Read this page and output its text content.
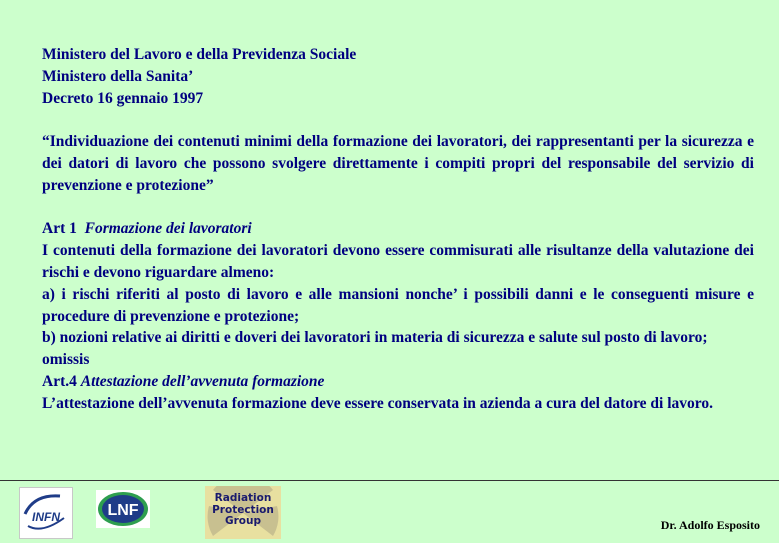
Ministero del Lavoro e della Previdenza Sociale

Ministero della Sanita’

Decreto 16 gennaio 1997

“Individuazione dei contenuti minimi della formazione dei lavoratori, dei rappresentanti per la sicurezza e dei datori di lavoro che possono svolgere direttamente i compiti propri del responsabile del servizio di prevenzione e protezione”

Art 1 Formazione dei lavoratori

I contenuti della formazione dei lavoratori devono essere commisurati alle risultanze della valutazione dei rischi e devono riguardare almeno:

a) i rischi riferiti al posto di lavoro e alle mansioni nonche’ i possibili danni e le conseguenti misure e procedure di prevenzione e protezione;

b) nozioni relative ai diritti e doveri dei lavoratori in materia di sicurezza e salute sul posto di lavoro;

omissis

Art.4 Attestazione dell’avvenuta formazione

L’attestazione dell’avvenuta formazione deve essere conservata in azienda a cura del datore di lavoro.

INFN	LNF
Radiation
Protection
Group	Dr. Adolfo Esposito
